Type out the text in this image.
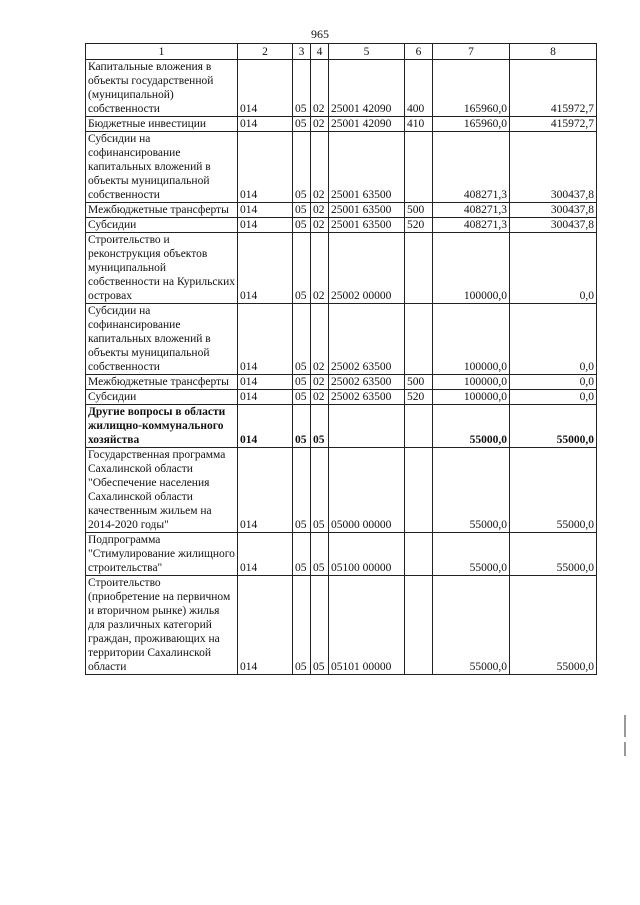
965
1	2	3	4	5	6	7	8
Капитальные вложения в объекты государственной (муниципальной) собственности	014	05	02	25001 42090	400	165960,0	415972,7
Бюджетные инвестиции	014	05	02	25001 42090	410	165960,0	415972,7
Субсидии на софинансирование капитальных вложений в объекты муниципальной собственности	014	05	02	25001 63500		408271,3	300437,8
Межбюджетные трансферты	014	05	02	25001 63500	500	408271,3	300437,8
Субсидии	014	05	02	25001 63500	520	408271,3	300437,8
Строительство и реконструкция объектов муниципальной собственности на Курильских островах	014	05	02	25002 00000		100000,0	0,0
Субсидии на софинансирование капитальных вложений в объекты муниципальной собственности	014	05	02	25002 63500		100000,0	0,0
Межбюджетные трансферты	014	05	02	25002 63500	500	100000,0	0,0
Субсидии	014	05	02	25002 63500	520	100000,0	0,0
Другие вопросы в области жилищно-коммунального хозяйства	014	05	05			55000,0	55000,0
Государственная программа Сахалинской области "Обеспечение населения Сахалинской области качественным жильем на 2014-2020 годы"	014	05	05	05000 00000		55000,0	55000,0
Подпрограмма "Стимулирование жилищного строительства"	014	05	05	05100 00000		55000,0	55000,0
Строительство (приобретение на первичном и вторичном рынке) жилья для различных категорий граждан, проживающих на территории Сахалинской области	014	05	05	05101 00000		55000,0	55000,0
